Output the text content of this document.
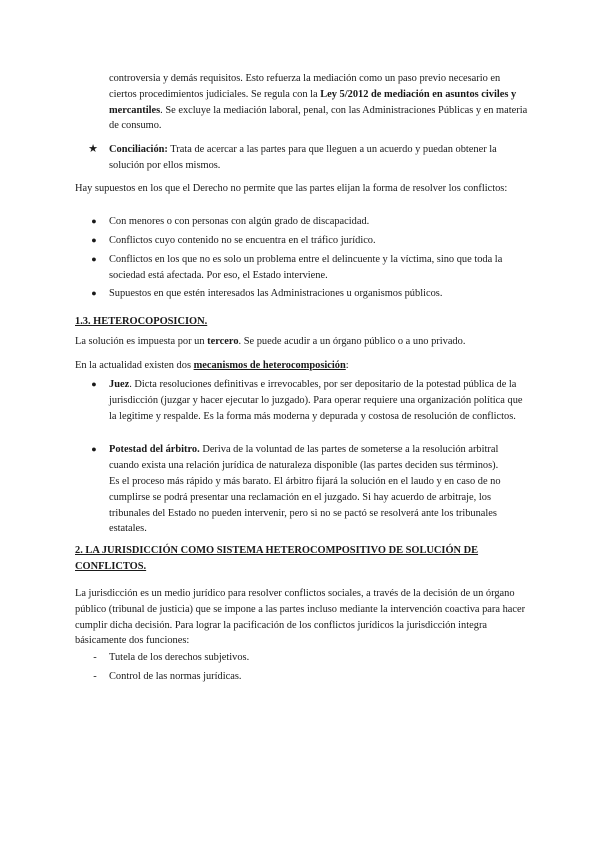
controversia y demás requisitos. Esto refuerza la mediación como un paso previo necesario en ciertos procedimientos judiciales. Se regula con la Ley 5/2012 de mediación en asuntos civiles y mercantiles. Se excluye la mediación laboral, penal, con las Administraciones Públicas y en materia de consumo.

★ Conciliación: Trata de acercar a las partes para que lleguen a un acuerdo y puedan obtener la solución por ellos mismos.

Hay supuestos en los que el Derecho no permite que las partes elijan la forma de resolver los conflictos:

●	Con menores o con personas con algún grado de discapacidad.

●	Conflictos cuyo contenido no se encuentra en el tráfico jurídico.

●	Conflictos en los que no es solo un problema entre el delincuente y la víctima, sino que toda la sociedad está afectada. Por eso, el Estado interviene.

●	Supuestos en que estén interesados las Administraciones u organismos públicos.

1.3. HETEROCOPOSICION.

La solución es impuesta por un tercero. Se puede acudir a un órgano público o a uno privado.

En la actualidad existen dos mecanismos de heterocomposición:

●	Juez. Dicta resoluciones definitivas e irrevocables, por ser depositario de la potestad pública de la jurisdicción (juzgar y hacer ejecutar lo juzgado). Para operar requiere una organización política que la legitime y respalde. Es la forma más moderna y depurada y costosa de resolución de conflictos.

●	Potestad del árbitro. Deriva de la voluntad de las partes de someterse a la resolución arbitral cuando exista una relación jurídica de naturaleza disponible (las partes deciden sus términos).

Es el proceso más rápido y más barato. El árbitro fijará la solución en el laudo y en caso de no cumplirse se podrá presentar una reclamación en el juzgado. Si hay acuerdo de arbitraje, los tribunales del Estado no pueden intervenir, pero si no se pactó se resolverá ante los tribunales estatales.

2. LA JURISDICCIÓN COMO SISTEMA HETEROCOMPOSITIVO DE SOLUCIÓN DE CONFLICTOS.

La jurisdicción es un medio jurídico para resolver conflictos sociales, a través de la decisión de un órgano público (tribunal de justicia) que se impone a las partes incluso mediante la intervención coactiva para hacer cumplir dicha decisión. Para lograr la pacificación de los conflictos jurídicos la jurisdicción integra básicamente dos funciones:

-	Tutela de los derechos subjetivos.

-	Control de las normas jurídicas.
